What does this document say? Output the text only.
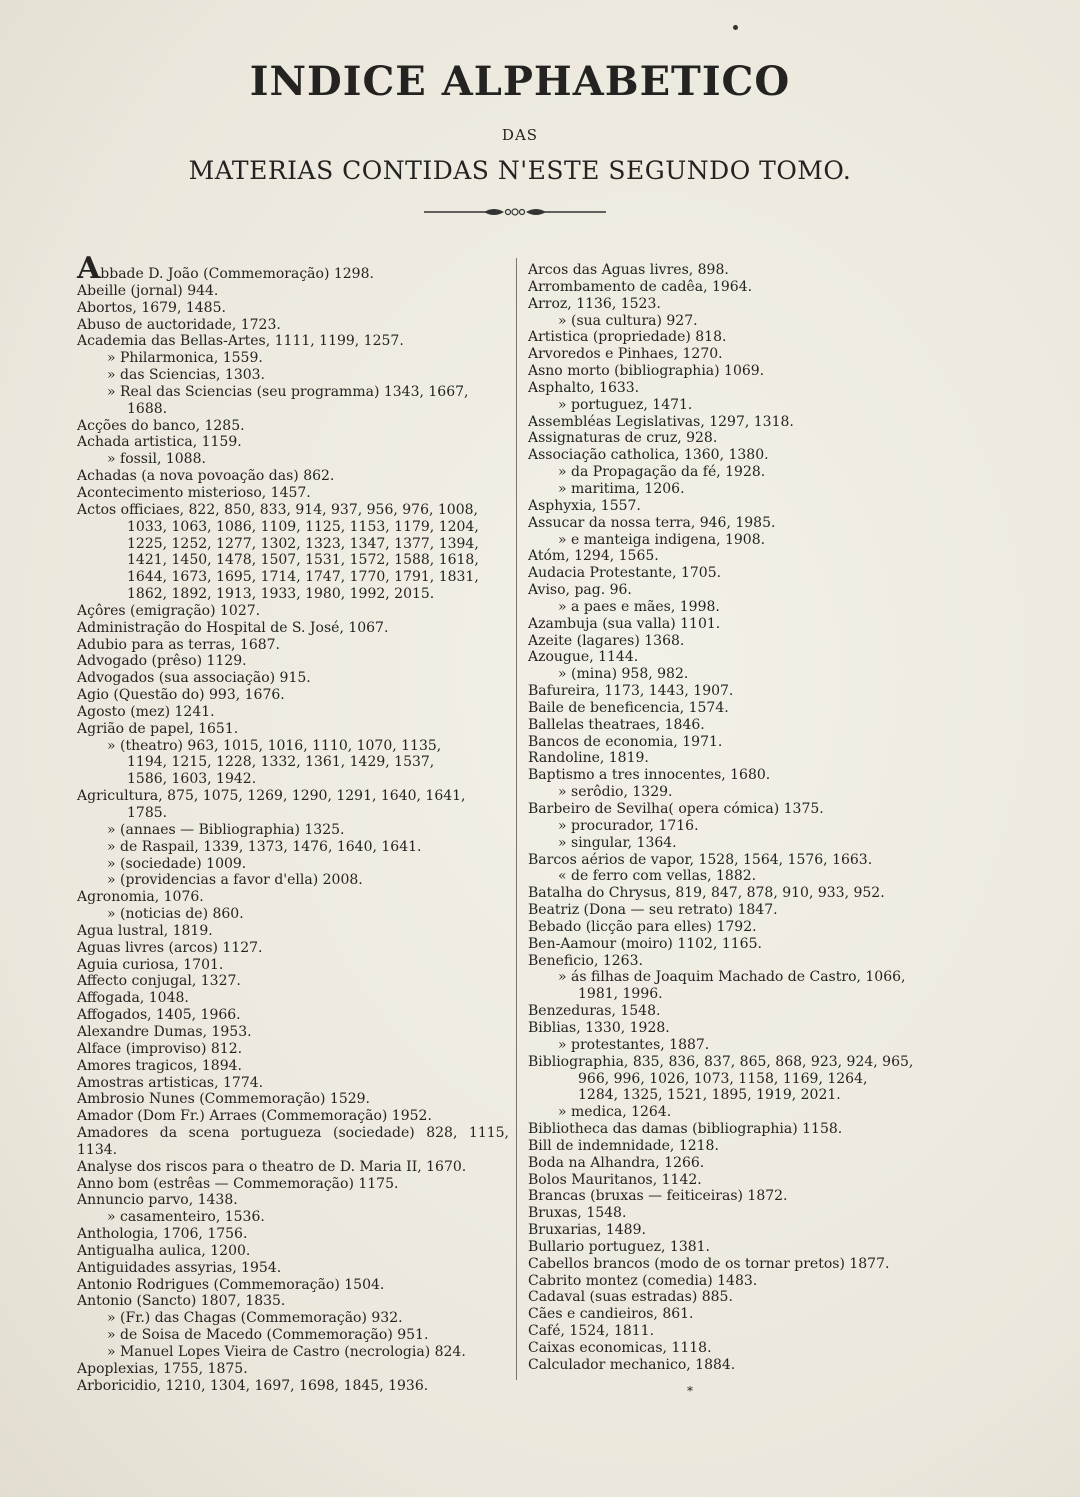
INDICE ALPHABETICO
DAS
MATERIAS CONTIDAS N'ESTE SEGUNDO TOMO.

Abbade D. João (Commemoração) 1298.

Abeille (jornal) 944.

Abortos, 1679, 1485.

Abuso de auctoridade, 1723.

Academia das Bellas-Artes, 1111, 1199, 1257.

» Philarmonica, 1559.

» das Sciencias, 1303.

» Real das Sciencias (seu programma) 1343, 1667,

1688.

Acções do banco, 1285.

Achada artistica, 1159.

» fossil, 1088.

Achadas (a nova povoação das) 862.

Acontecimento misterioso, 1457.

Actos officiaes, 822, 850, 833, 914, 937, 956, 976, 1008,

1033, 1063, 1086, 1109, 1125, 1153, 1179, 1204,

1225, 1252, 1277, 1302, 1323, 1347, 1377, 1394,

1421, 1450, 1478, 1507, 1531, 1572, 1588, 1618,

1644, 1673, 1695, 1714, 1747, 1770, 1791, 1831,

1862, 1892, 1913, 1933, 1980, 1992, 2015.

Açôres (emigração) 1027.

Administração do Hospital de S. José, 1067.

Adubio para as terras, 1687.

Advogado (prêso) 1129.

Advogados (sua associação) 915.

Agio (Questão do) 993, 1676.

Agosto (mez) 1241.

Agrião de papel, 1651.

» (theatro) 963, 1015, 1016, 1110, 1070, 1135,

1194, 1215, 1228, 1332, 1361, 1429, 1537,

1586, 1603, 1942.

Agricultura, 875, 1075, 1269, 1290, 1291, 1640, 1641,

1785.

» (annaes — Bibliographia) 1325.

» de Raspail, 1339, 1373, 1476, 1640, 1641.

» (sociedade) 1009.

» (providencias a favor d'ella) 2008.

Agronomia, 1076.

» (noticias de) 860.

Agua lustral, 1819.

Aguas livres (arcos) 1127.

Aguia curiosa, 1701.

Affecto conjugal, 1327.

Affogada, 1048.

Affogados, 1405, 1966.

Alexandre Dumas, 1953.

Alface (improviso) 812.

Amores tragicos, 1894.

Amostras artisticas, 1774.

Ambrosio Nunes (Commemoração) 1529.

Amador (Dom Fr.) Arraes (Commemoração) 1952.

Amadores da scena portugueza (sociedade) 828, 1115, 1134.

Analyse dos riscos para o theatro de D. Maria II, 1670.

Anno bom (estrêas — Commemoração) 1175.

Annuncio parvo, 1438.

» casamenteiro, 1536.

Anthologia, 1706, 1756.

Antigualha aulica, 1200.

Antiguidades assyrias, 1954.

Antonio Rodrigues (Commemoração) 1504.

Antonio (Sancto) 1807, 1835.

» (Fr.) das Chagas (Commemoração) 932.

» de Soisa de Macedo (Commemoração) 951.

» Manuel Lopes Vieira de Castro (necrologia) 824.

Apoplexias, 1755, 1875.

Arboricidio, 1210, 1304, 1697, 1698, 1845, 1936.

Arcos das Aguas livres, 898.

Arrombamento de cadêa, 1964.

Arroz, 1136, 1523.

» (sua cultura) 927.

Artistica (propriedade) 818.

Arvoredos e Pinhaes, 1270.

Asno morto (bibliographia) 1069.

Asphalto, 1633.

» portuguez, 1471.

Assembléas Legislativas, 1297, 1318.

Assignaturas de cruz, 928.

Associação catholica, 1360, 1380.

» da Propagação da fé, 1928.

» maritima, 1206.

Asphyxia, 1557.

Assucar da nossa terra, 946, 1985.

» e manteiga indigena, 1908.

Atóm, 1294, 1565.

Audacia Protestante, 1705.

Aviso, pag. 96.

» a paes e mães, 1998.

Azambuja (sua valla) 1101.

Azeite (lagares) 1368.

Azougue, 1144.

» (mina) 958, 982.

Bafureira, 1173, 1443, 1907.

Baile de beneficencia, 1574.

Ballelas theatraes, 1846.

Bancos de economia, 1971.

Randoline, 1819.

Baptismo a tres innocentes, 1680.

» serôdio, 1329.

Barbeiro de Sevilha( opera cómica) 1375.

» procurador, 1716.

» singular, 1364.

Barcos aérios de vapor, 1528, 1564, 1576, 1663.

« de ferro com vellas, 1882.

Batalha do Chrysus, 819, 847, 878, 910, 933, 952.

Beatriz (Dona — seu retrato) 1847.

Bebado (licção para elles) 1792.

Ben-Aamour (moiro) 1102, 1165.

Beneficio, 1263.

» ás filhas de Joaquim Machado de Castro, 1066,

1981, 1996.

Benzeduras, 1548.

Biblias, 1330, 1928.

» protestantes, 1887.

Bibliographia, 835, 836, 837, 865, 868, 923, 924, 965,

966, 996, 1026, 1073, 1158, 1169, 1264,

1284, 1325, 1521, 1895, 1919, 2021.

» medica, 1264.

Bibliotheca das damas (bibliographia) 1158.

Bill de indemnidade, 1218.

Boda na Alhandra, 1266.

Bolos Mauritanos, 1142.

Brancas (bruxas — feiticeiras) 1872.

Bruxas, 1548.

Bruxarias, 1489.

Bullario portuguez, 1381.

Cabellos brancos (modo de os tornar pretos) 1877.

Cabrito montez (comedia) 1483.

Cadaval (suas estradas) 885.

Cães e candieiros, 861.

Café, 1524, 1811.

Caixas economicas, 1118.

Calculador mechanico, 1884.

*
